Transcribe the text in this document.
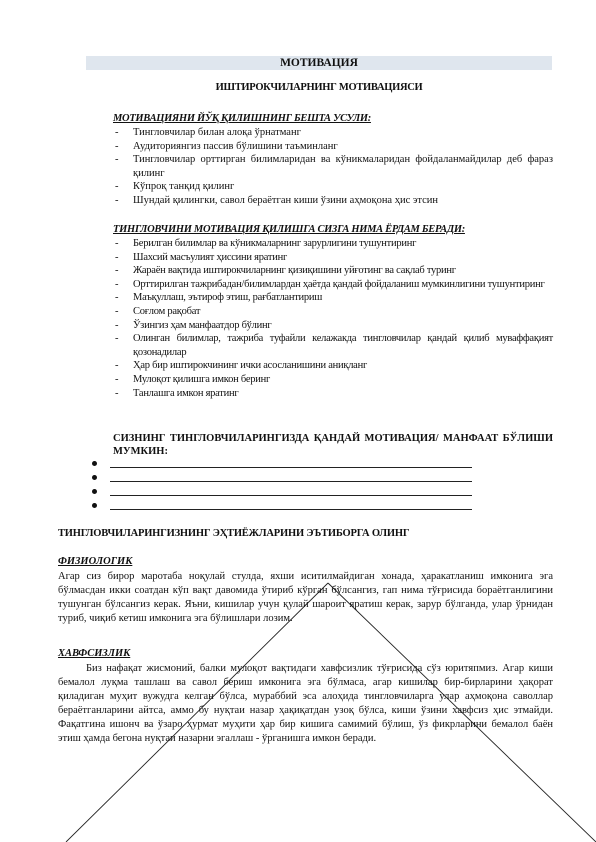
МОТИВАЦИЯ
ИШТИРОКЧИЛАРНИНГ МОТИВАЦИЯСИ
МОТИВАЦИЯНИ ЙЎҚ ҚИЛИШНИНГ БЕШТА УСУЛИ:
- Тингловчилар билан алоқа ўрнатманг
- Аудиториянгиз пассив бўлишини таъминланг
- Тингловчилар орттирган билимларидан ва кўникмаларидан фойдаланмайдилар деб фараз қилинг
- Кўпроқ танқид қилинг
- Шундай қилингки, савол бераётган киши ўзини аҳмоқона ҳис этсин
ТИНГЛОВЧИНИ МОТИВАЦИЯ ҚИЛИШГА СИЗГА НИМА ЁРДАМ БЕРАДИ:
- Берилган билимлар ва кўникмаларнинг зарурлигини тушунтиринг
- Шахсий масъулият ҳиссини яратинг
- Жараён вақтида иштирокчиларнинг қизиқишини уйғотинг ва сақлаб туринг
- Орттирилган тажрибадан/билимлардан ҳаётда қандай фойдаланиш мумкинлигини тушунтиринг
- Маъқуллаш, эътироф этиш, рағбатлантириш
- Соғлом рақобат
- Ўзингиз ҳам манфаатдор бўлинг
- Олинган билимлар, тажриба туфайли келажакда тингловчилар қандай қилиб муваффақият қозонадилар
- Ҳар бир иштирокчининг ички асосланишини аниқланг
- Мулоқот қилишга имкон беринг
- Танлашга имкон яратинг
СИЗНИНГ ТИНГЛОВЧИЛАРИНГИЗДА ҚАНДАЙ МОТИВАЦИЯ/ МАНФААТ БЎЛИШИ МУМКИН:
ТИНГЛОВЧИЛАРИНГИЗНИНГ ЭҲТИЁЖЛАРИНИ ЭЪТИБОРГА ОЛИНГ
ФИЗИОЛОГИК
Агар сиз бирор маротаба ноқулай стулда, яхши иситилмайдиган хонада, ҳаракатланиш имконига эга бўлмасдан икки соатдан кўп вақт давомида ўтириб кўрган бўлсангиз, гап нима тўғрисида бораётганлигини тушунган бўлсангиз керак. Яъни, кишилар учун қулай шароит яратиш керак, зарур бўлганда, улар ўрнидан туриб, чиқиб кетиш имконига эга бўлишлари лозим.
ХАВФСИЗЛИК
Биз нафақат жисмоний, балки мулоқот вақтидаги хавфсизлик тўғрисида сўз юритяпмиз. Агар киши бемалол луқма ташлаш ва савол бериш имконига эга бўлмаса, агар кишилар бир-бирларини ҳақорат қиладиган муҳит вужудга келган бўлса, мураббий эса алоҳида тингловчиларга улар аҳмоқона саволлар бераётганларини айтса, аммо бу нуқтаи назар ҳақиқатдан узоқ бўлса, киши ўзини хавфсиз ҳис этмайди. Фақатгина ишонч ва ўзаро ҳурмат муҳити ҳар бир кишига самимий бўлиш, ўз фикрларини бемалол баён этиш ҳамда бегона нуқтаи назарни эгаллаш - ўрганишга имкон беради.
